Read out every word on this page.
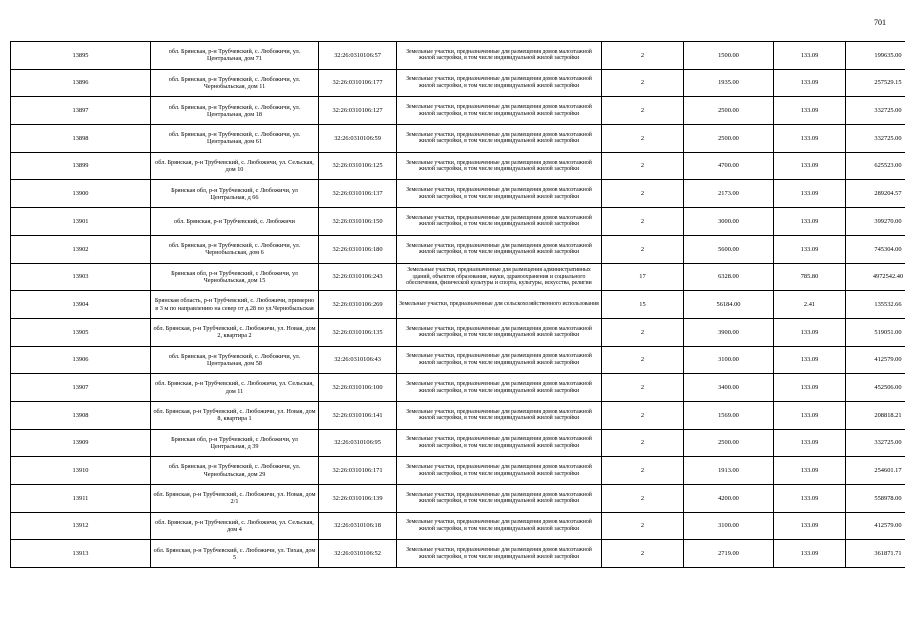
701
13895	обл. Брянская, р-н Трубчевский, с. Любожичи, ул. Центральная, дом 71	32:26:0310106:57	Земельные участки, предназначенные для размещения домов малоэтажной жилой застройки, в том числе индивидуальной жилой застройки	2	1500.00	133.09	199635.00
13896	обл. Брянская, р-н Трубчевский, с. Любожичи, ул. Чернобыльская, дом 11	32:26:0310106:177	Земельные участки, предназначенные для размещения домов малоэтажной жилой застройки, в том числе индивидуальной жилой застройки	2	1935.00	133.09	257529.15
13897	обл. Брянская, р-н Трубчевский, с. Любожичи, ул. Центральная, дом 18	32:26:0310106:127	Земельные участки, предназначенные для размещения домов малоэтажной жилой застройки, в том числе индивидуальной жилой застройки	2	2500.00	133.09	332725.00
13898	обл. Брянская, р-н Трубчевский, с. Любожичи, ул. Центральная, дом 61	32:26:0310106:59	Земельные участки, предназначенные для размещения домов малоэтажной жилой застройки, в том числе индивидуальной жилой застройки	2	2500.00	133.09	332725.00
13899	обл. Брянская, р-н Трубчевский, с. Любожичи, ул. Сельская, дом 10	32:26:0310106:125	Земельные участки, предназначенные для размещения домов малоэтажной жилой застройки, в том числе индивидуальной жилой застройки	2	4700.00	133.09	625523.00
13900	Брянская обл, р-н Трубчевский, с Любожичи, ул Центральная, д 66	32:26:0310106:137	Земельные участки, предназначенные для размещения домов малоэтажной жилой застройки, в том числе индивидуальной жилой застройки	2	2173.00	133.09	289204.57
13901	обл. Брянская, р-н Трубчевский, с. Любожичи	32:26:0310106:150	Земельные участки, предназначенные для размещения домов малоэтажной жилой застройки, в том числе индивидуальной жилой застройки	2	3000.00	133.09	399270.00
13902	обл. Брянская, р-н Трубчевский, с. Любожичи, ул. Чернобыльская, дом 6	32:26:0310106:180	Земельные участки, предназначенные для размещения домов малоэтажной жилой застройки, в том числе индивидуальной жилой застройки	2	5600.00	133.09	745304.00
13903	Брянская обл, р-н Трубчевский, с Любожичи, ул Чернобыльская, дом 15	32:26:0310106:243	Земельные участки, предназначенные для размещения административных зданий, объектов образования, науки, здравоохранения и социального обеспечения, физической культуры и спорта, культуры, искусства, религии	17	6328.00	785.80	4972542.40
13904	Брянская область, р-н Трубчевский, с. Любожичи, примерно в 3 м по направлению на север от д.28 по ул.Чернобыльская	32:26:0310106:269	Земельные участки, предназначенные для сельскохозяйственного использования	15	56184.00	2.41	135532.66
13905	обл. Брянская, р-н Трубчевский, с. Любожичи, ул. Новая, дом 2, квартира 2	32:26:0310106:135	Земельные участки, предназначенные для размещения домов малоэтажной жилой застройки, в том числе индивидуальной жилой застройки	2	3900.00	133.09	519051.00
13906	обл. Брянская, р-н Трубчевский, с. Любожичи, ул. Центральная, дом 58	32:26:0310106:43	Земельные участки, предназначенные для размещения домов малоэтажной жилой застройки, в том числе индивидуальной жилой застройки	2	3100.00	133.09	412579.00
13907	обл. Брянская, р-н Трубчевский, с. Любожичи, ул. Сельская, дом 11	32:26:0310106:100	Земельные участки, предназначенные для размещения домов малоэтажной жилой застройки, в том числе индивидуальной жилой застройки	2	3400.00	133.09	452506.00
13908	обл. Брянская, р-н Трубчевский, с. Любожичи, ул. Новая, дом 8, квартира 1	32:26:0310106:141	Земельные участки, предназначенные для размещения домов малоэтажной жилой застройки, в том числе индивидуальной жилой застройки	2	1569.00	133.09	208818.21
13909	Брянская обл, р-н Трубчевский, с Любожичи, ул Центральная, д 39	32:26:0310106:95	Земельные участки, предназначенные для размещения домов малоэтажной жилой застройки, в том числе индивидуальной жилой застройки	2	2500.00	133.09	332725.00
13910	обл. Брянская, р-н Трубчевский, с. Любожичи, ул. Чернобыльская, дом 29	32:26:0310106:171	Земельные участки, предназначенные для размещения домов малоэтажной жилой застройки, в том числе индивидуальной жилой застройки	2	1913.00	133.09	254601.17
13911	обл. Брянская, р-н Трубчевский, с. Любожичи, ул. Новая, дом 2/1	32:26:0310106:139	Земельные участки, предназначенные для размещения домов малоэтажной жилой застройки, в том числе индивидуальной жилой застройки	2	4200.00	133.09	558978.00
13912	обл. Брянская, р-н Трубчевский, с. Любожичи, ул. Сельская, дом 4	32:26:0310106:18	Земельные участки, предназначенные для размещения домов малоэтажной жилой застройки, в том числе индивидуальной жилой застройки	2	3100.00	133.09	412579.00
13913	обл. Брянская, р-н Трубчевский, с. Любожичи, ул. Тихая, дом 5	32:26:0310106:52	Земельные участки, предназначенные для размещения домов малоэтажной жилой застройки, в том числе индивидуальной жилой застройки	2	2719.00	133.09	361871.71
